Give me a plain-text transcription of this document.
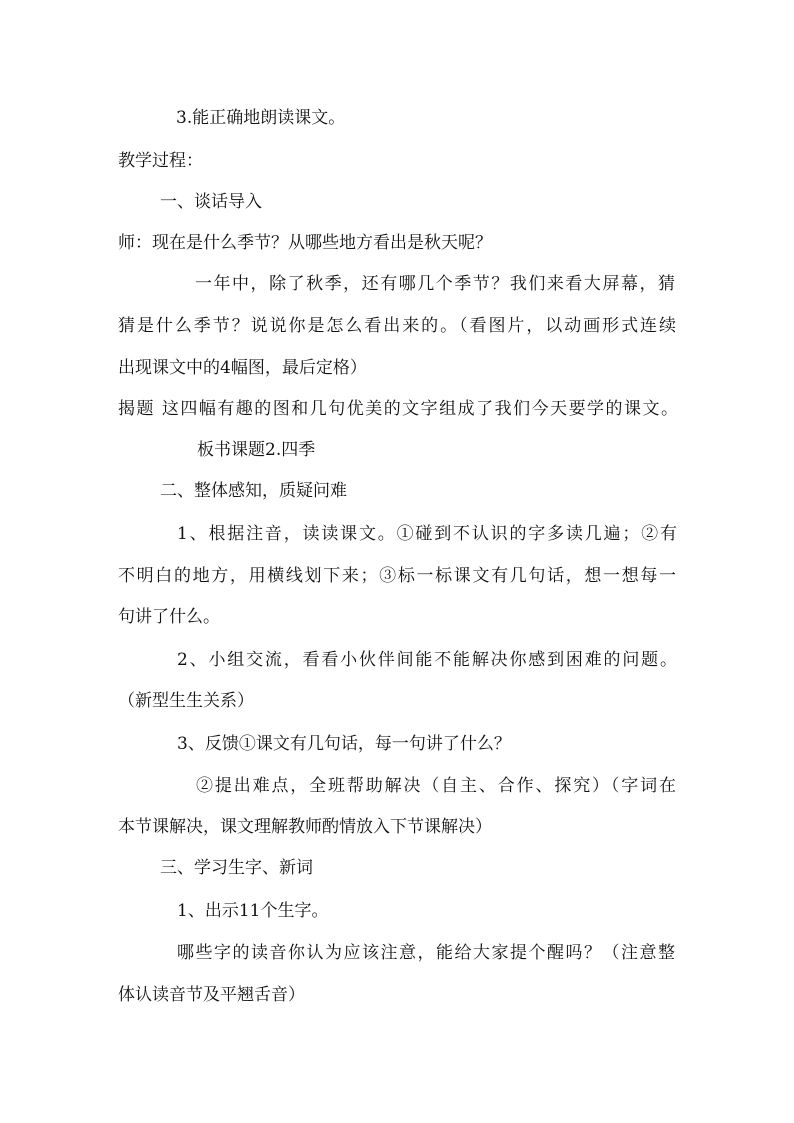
3.能正确地朗读课文。
教学过程：
一、谈话导入
师：现在是什么季节？从哪些地方看出是秋天呢？
一年中，除了秋季，还有哪几个季节？我们来看大屏幕，猜
猜是什么季节？说说你是怎么看出来的。（看图片，以动画形式连续
出现课文中的4幅图，最后定格）
揭题 这四幅有趣的图和几句优美的文字组成了我们今天要学的课文。
板书课题2.四季
二、整体感知，质疑问难
1、根据注音，读读课文。①碰到不认识的字多读几遍；②有
不明白的地方，用横线划下来；③标一标课文有几句话，想一想每一
句讲了什么。
2、小组交流，看看小伙伴间能不能解决你感到困难的问题。
（新型生生关系）
3、反馈①课文有几句话，每一句讲了什么？
②提出难点，全班帮助解决（自主、合作、探究）（字词在
本节课解决，课文理解教师酌情放入下节课解决）
三、学习生字、新词
1、出示11个生字。
哪些字的读音你认为应该注意，能给大家提个醒吗？（注意整
体认读音节及平翘舌音）
